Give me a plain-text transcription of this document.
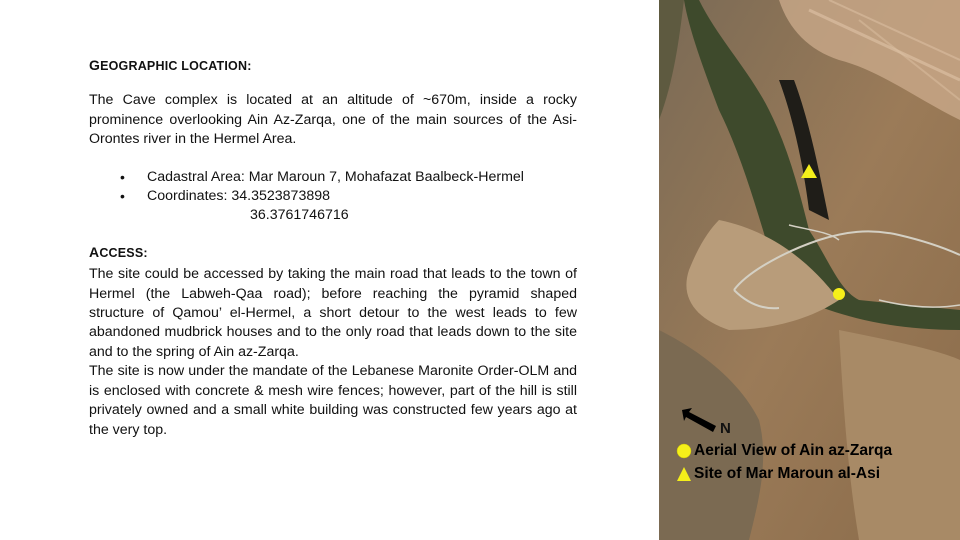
GEOGRAPHIC LOCATION:

The Cave complex is located at an altitude of ~670m, inside a rocky prominence overlooking Ain Az-Zarqa, one of the main sources of the Asi-Orontes river in the Hermel Area.

• Cadastral Area: Mar Maroun 7, Mohafazat Baalbeck-Hermel
• Coordinates: 34.3523873898
36.3761746716
ACCESS:

The site could be accessed by taking the main road that leads to the town of Hermel (the Labweh-Qaa road); before reaching the pyramid shaped structure of Qamou’ el-Hermel, a short detour to the west leads to few abandoned mudbrick houses and to the only road that leads down to the site and to the spring of Ain az-Zarqa.

The site is now under the mandate of the Lebanese Maronite Order-OLM and is enclosed with concrete & mesh wire fences; however, part of the hill is still privately owned and a small white building was constructed few years ago at the very top.	N
Aerial View of Ain az-Zarqa
Site of Mar Maroun al-Asi
